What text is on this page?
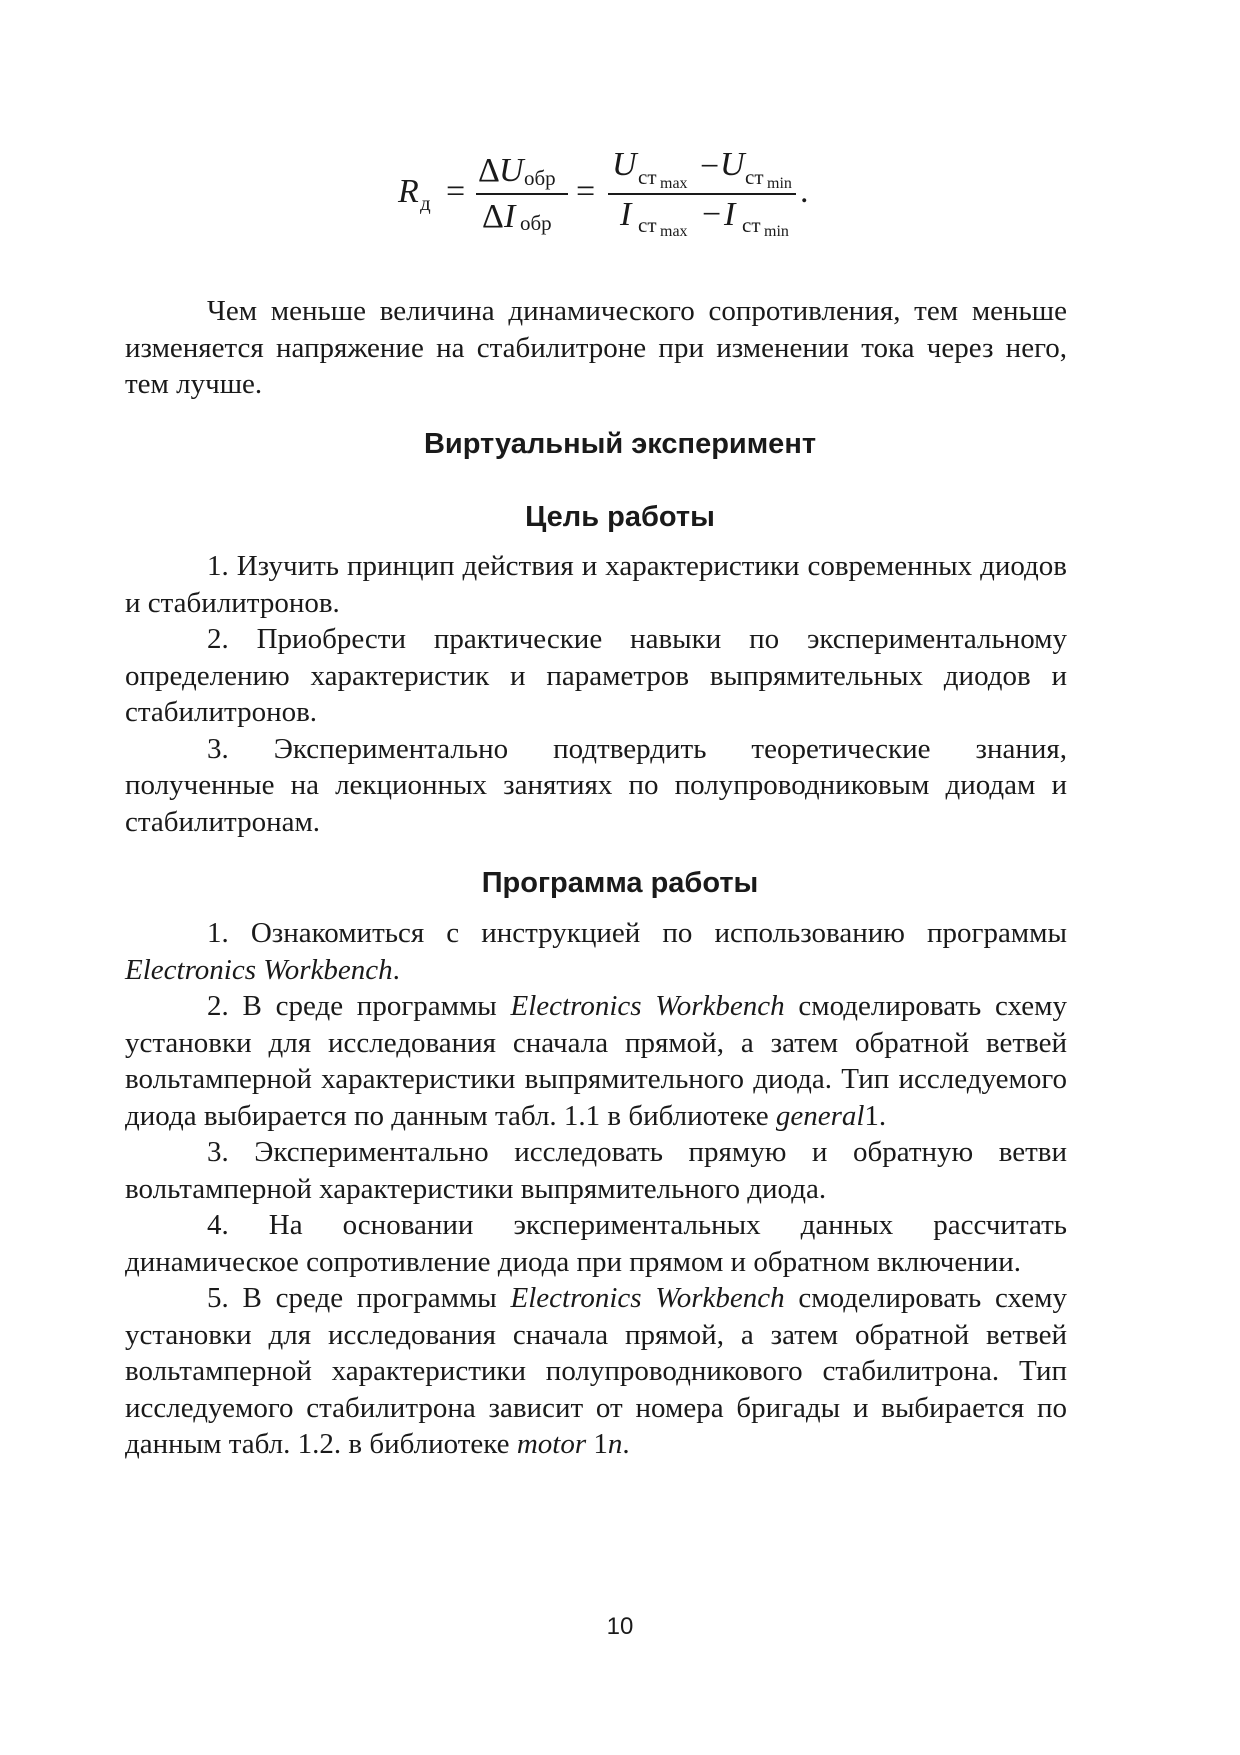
R д =
Δ U обр
Δ I обр
=
U ст max − U ст min
I ст max − I ст min
.

Чем меньше величина динамического сопротивления, тем меньше изменяется напряжение на стабилитроне при изменении тока через него, тем лучше.

Виртуальный эксперимент
Цель работы

1. Изучить принцип действия и характеристики современных диодов и стабилитронов.

2. Приобрести практические навыки по экспериментальному определению характеристик и параметров выпрямительных диодов и стабилитронов.

3. Экспериментально подтвердить теоретические знания, полученные на лекционных занятиях по полупроводниковым диодам и стабилитронам.

Программа работы

1. Ознакомиться с инструкцией по использованию программы Electronics Workbench.

2. В среде программы Electronics Workbench смоделировать схему установки для исследования сначала прямой, а затем обратной ветвей вольтамперной характеристики выпрямительного диода. Тип исследуемого диода выбирается по данным табл. 1.1 в библиотеке general1.

3. Экспериментально исследовать прямую и обратную ветви вольтамперной характеристики выпрямительного диода.

4. На основании экспериментальных данных рассчитать динамическое сопротивление диода при прямом и обратном включении.

5. В среде программы Electronics Workbench смоделировать схему установки для исследования сначала прямой, а затем обратной ветвей вольтамперной характеристики полупроводникового стабилитрона. Тип исследуемого стабилитрона зависит от номера бригады и выбирается по данным табл. 1.2. в библиотеке motor 1n.

10
